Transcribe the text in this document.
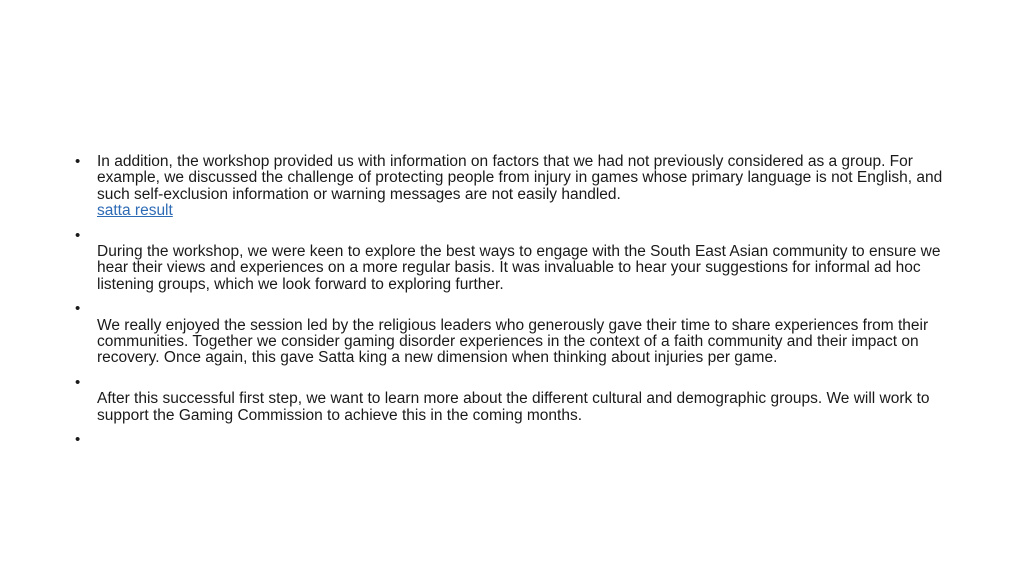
•	In addition, the workshop provided us with information on factors that we had not previously considered as a group. For example, we discussed the challenge of protecting people from injury in games whose primary language is not English, and such self-exclusion information or warning messages are not easily handled.
satta result
•
During the workshop, we were keen to explore the best ways to engage with the South East Asian community to ensure we hear their views and experiences on a more regular basis. It was invaluable to hear your suggestions for informal ad hoc listening groups, which we look forward to exploring further.
•
We really enjoyed the session led by the religious leaders who generously gave their time to share experiences from their communities. Together we consider gaming disorder experiences in the context of a faith community and their impact on recovery. Once again, this gave Satta king a new dimension when thinking about injuries per game.
•
After this successful first step, we want to learn more about the different cultural and demographic groups. We will work to support the Gaming Commission to achieve this in the coming months.
•
